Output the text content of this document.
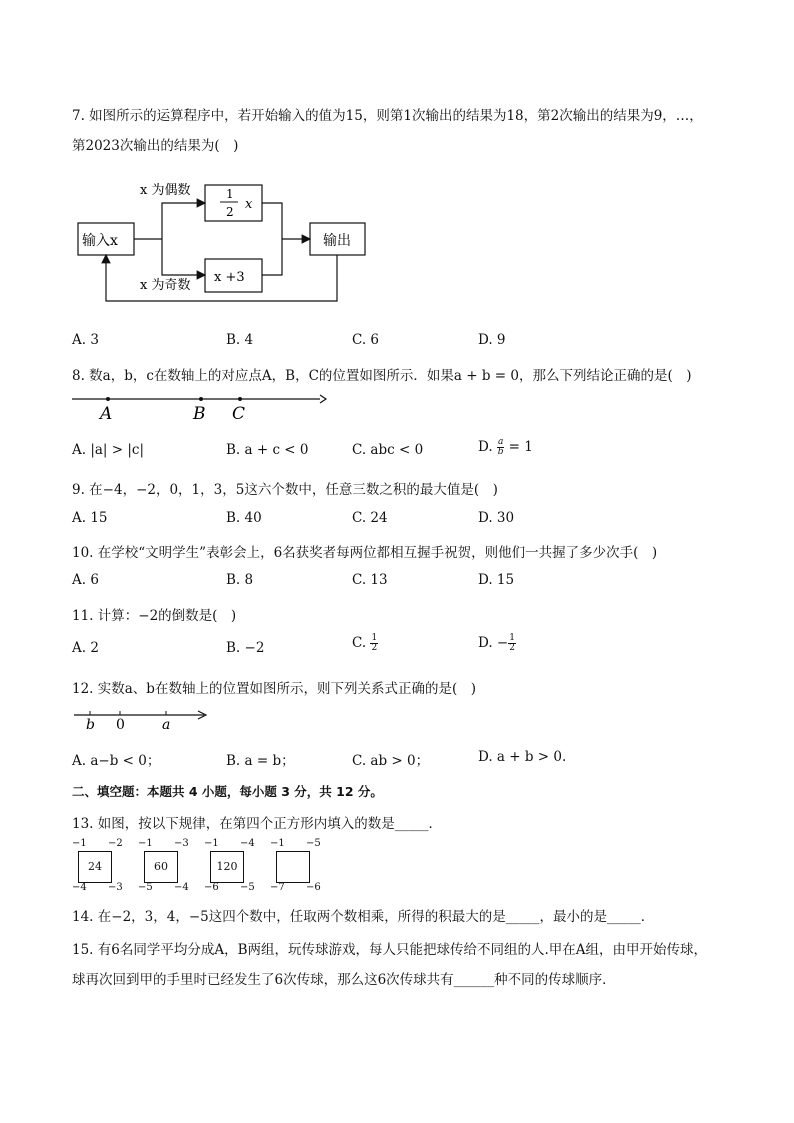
7. 如图所示的运算程序中，若开始输入的值为15，则第1次输出的结果为18，第2次输出的结果为9，…，
第2023次输出的结果为(　)
输入x
x 为偶数
x 为奇数
1
2 x
x +3
输出
A. 3	B. 4	C. 6	D. 9
8. 数a，b，c在数轴上的对应点A，B，C的位置如图所示．如果a + b = 0，那么下列结论正确的是(　)
A	B C
A. |a| > |c|	B. a + c < 0	C. abc < 0	D. $\frac{a}{b} = 1$
9. 在−4，−2，0，1，3，5这六个数中，任意三数之积的最大值是(　)
A. 15	B. 40	C. 24	D. 30
10. 在学校“文明学生”表彰会上，6名获奖者每两位都相互握手祝贺，则他们一共握了多少次手(　)
A. 6	B. 8	C. 13	D. 15
11. 计算：−2的倒数是(　)
A. 2	B. −2	C. $\frac{1}{2}$	D. − $\frac{1}{2}$
12. 实数a、b在数轴上的位置如图所示，则下列关系式正确的是(　)
b 0	a
A. a−b < 0；	B. a = b；	C. ab > 0；	D. a + b > 0.
二、填空题：本题共 4 小题，每小题 3 分，共 12 分。
13. 如图，按以下规律，在第四个正方形内填入的数是_____．
−1 −2
−4 −3
24
−1 −3
−5 −4
60
−1 −4
−6 −5
120
−1 −5
−7 −6
14. 在−2，3，4，−5这四个数中，任取两个数相乘，所得的积最大的是_____，最小的是_____．
15. 有6名同学平均分成A，B两组，玩传球游戏，每人只能把球传给不同组的人.甲在A组，由甲开始传球，
球再次回到甲的手里时已经发生了6次传球，那么这6次传球共有______种不同的传球顺序．
